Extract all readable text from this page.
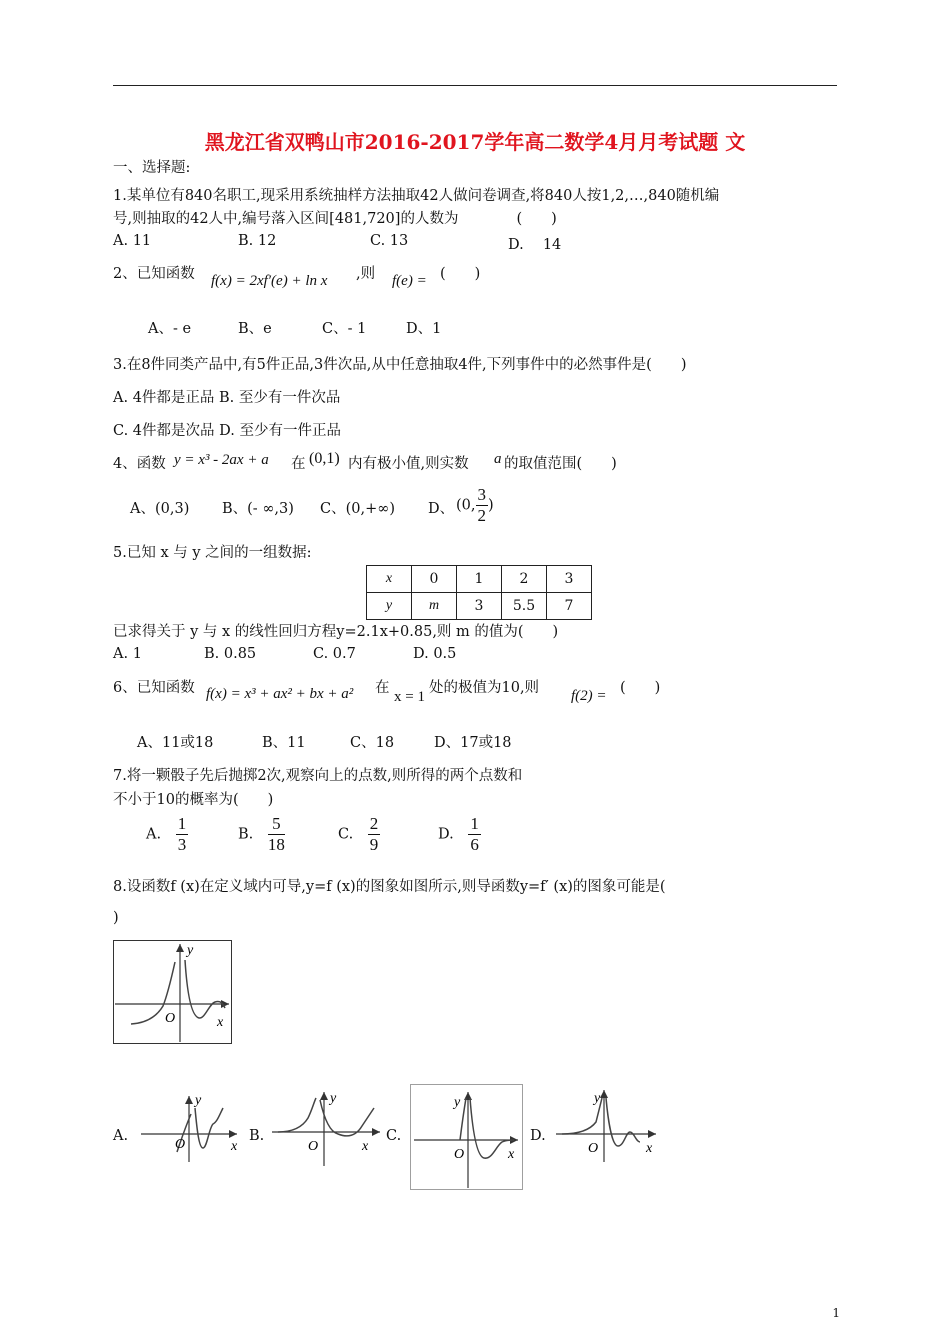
黑龙江省双鸭山市2016-2017学年高二数学4月月考试题 文
一、选择题:
1.某单位有840名职工,现采用系统抽样方法抽取42人做问卷调查,将840人按1,2,…,840随机编
号,则抽取的42人中,编号落入区间[481,720]的人数为　　　　(　　)
A. 11	B. 12	C. 13	D.　 14
2、已知函数 f(x) = 2xf′(e) + ln x ,则 f(e) = (　　)
A、- e	B、e	C、- 1	D、1
3.在8件同类产品中,有5件正品,3件次品,从中任意抽取4件,下列事件中的必然事件是(　　)
A. 4件都是正品 B. 至少有一件次品
C. 4件都是次品 D. 至少有一件正品
4、函数 y = x³ - 2ax + a 在 (0,1) 内有极小值,则实数 a 的取值范围(　　)
A、(0,3) B、(- ∞,3) C、(0,+∞) D、 (0, $\frac{3}{2}$ )
5.已知 x 与 y 之间的一组数据:
x	0	1	2	3
y	m	3	5.5	7
已求得关于 y 与 x 的线性回归方程y=2.1x+0.85,则 m 的值为(　　)
A. 1	B. 0.85	C. 0.7	D. 0.5
6、已知函数 f(x) = x³ + ax² + bx + a² 在
x = 1
处的极值为10,则 f(2) = (　　)
A、11或18	B、11	C、18	D、17或18
7.将一颗骰子先后抛掷2次,观察向上的点数,则所得的两个点数和
不小于10的概率为(　　)
A. $\frac{1}{3}$	B. $\frac{5}{18}$	C. $\frac{2}{9}$	D. $\frac{1}{6}$
8.设函数f (x)在定义域内可导,y=f (x)的图象如图所示,则导函数y=f′ (x)的图象可能是(
)
y
O	x
A.
y
O	x
B.
y
O	x
C.
y
O	x
D.
y
O	x
1
